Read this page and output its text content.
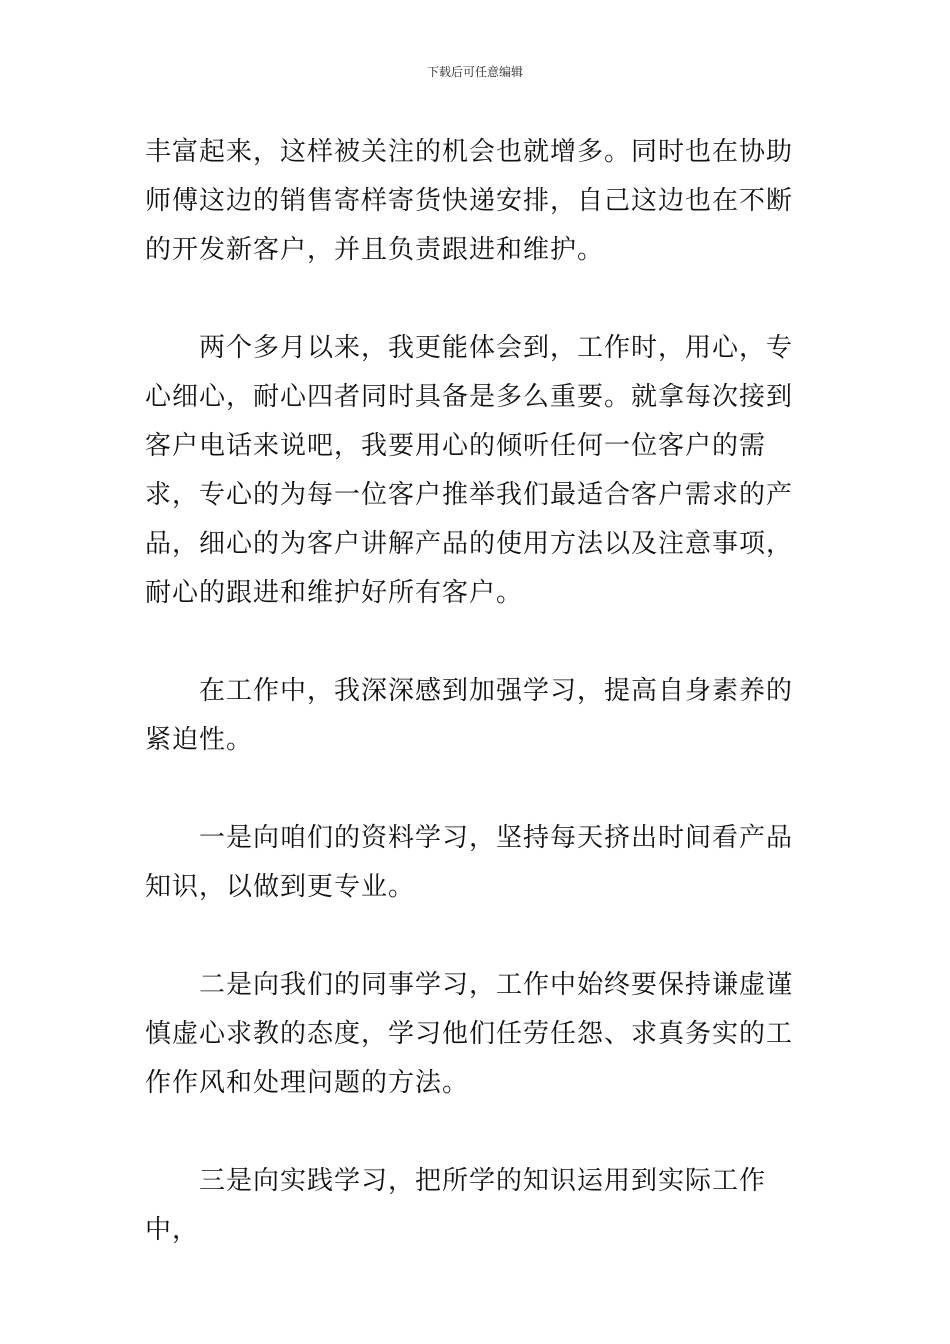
下载后可任意编辑

丰富起来，这样被关注的机会也就增多。同时也在协助师傅这边的销售寄样寄货快递安排，自己这边也在不断的开发新客户，并且负责跟进和维护。

两个多月以来，我更能体会到，工作时，用心，专心细心，耐心四者同时具备是多么重要。就拿每次接到客户电话来说吧，我要用心的倾听任何一位客户的需求，专心的为每一位客户推举我们最适合客户需求的产品，细心的为客户讲解产品的使用方法以及注意事项，耐心的跟进和维护好所有客户。

在工作中，我深深感到加强学习，提高自身素养的紧迫性。

一是向咱们的资料学习，坚持每天挤出时间看产品知识，以做到更专业。

二是向我们的同事学习，工作中始终要保持谦虚谨慎虚心求教的态度，学习他们任劳任怨、求真务实的工作作风和处理问题的方法。

三是向实践学习，把所学的知识运用到实际工作中，
